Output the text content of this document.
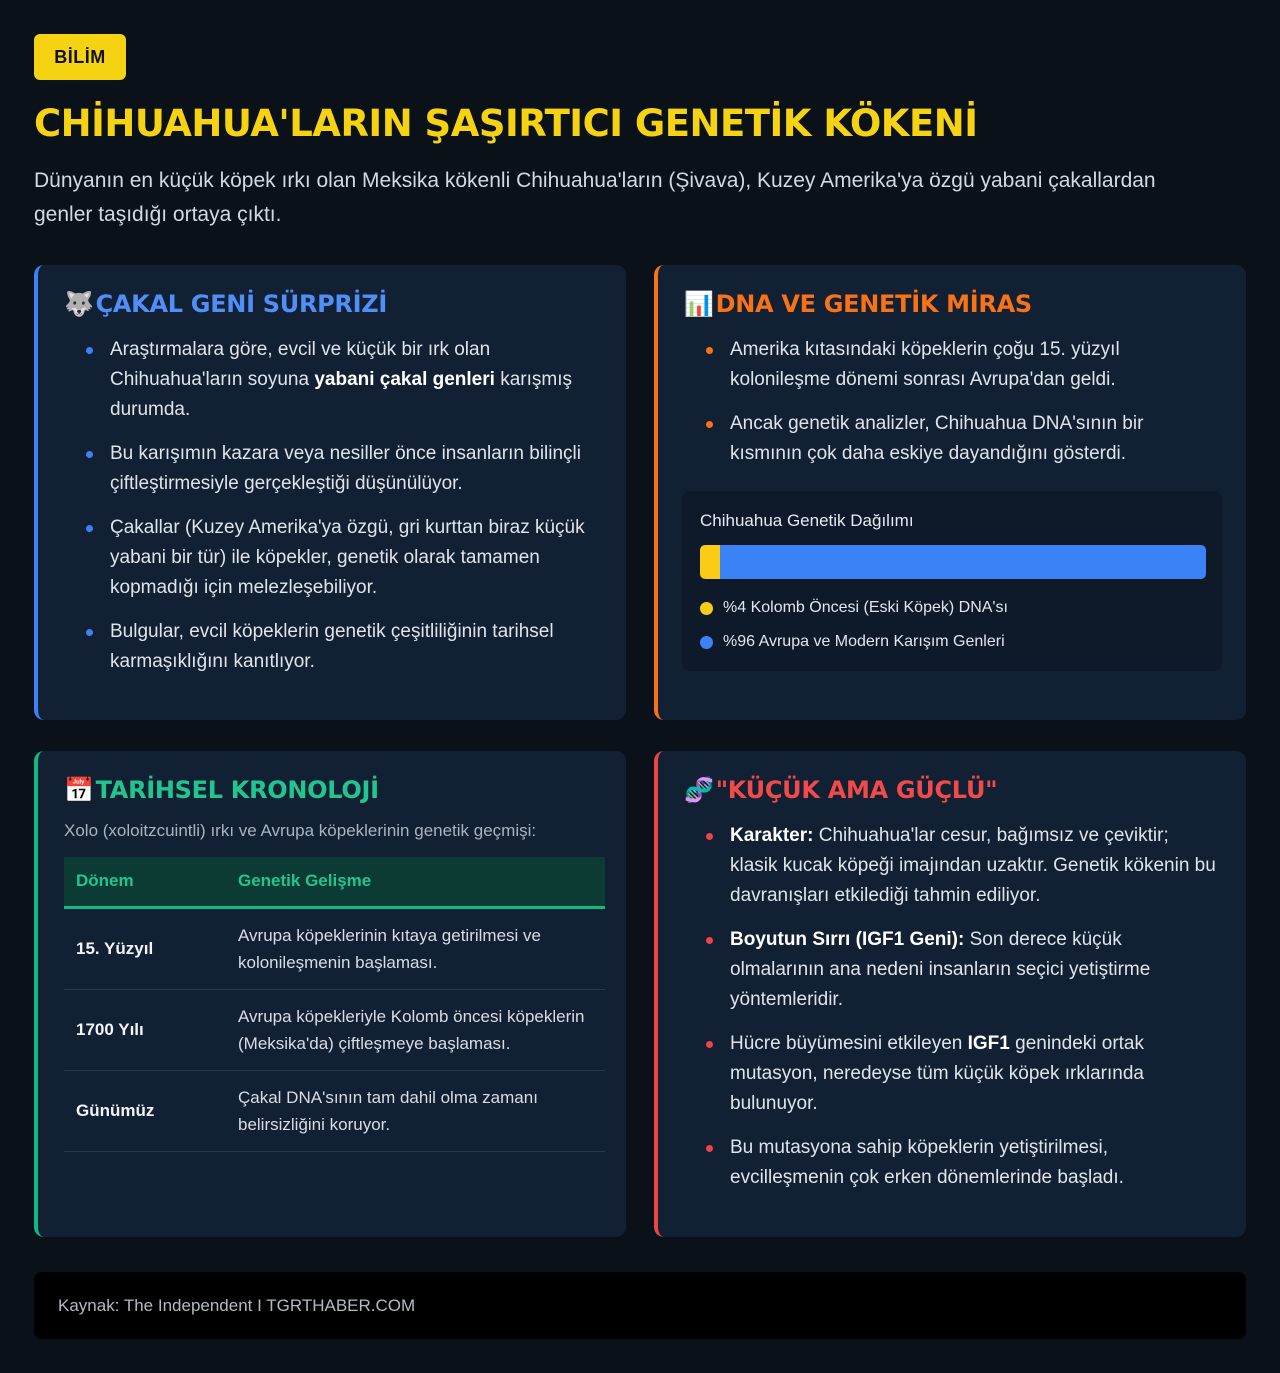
BİLİM
CHİHUAHUA'LARIN ŞAŞIRTICI GENETİK KÖKENİ

Dünyanın en küçük köpek ırkı olan Meksika kökenli Chihuahua'ların (Şivava), Kuzey Amerika'ya özgü yabani çakallardan genler taşıdığı ortaya çıktı.

🐺 ÇAKAL GENİ SÜRPRİZİ
Araştırmalara göre, evcil ve küçük bir ırk olan Chihuahua'ların soyuna yabani çakal genleri karışmış durumda.
Bu karışımın kazara veya nesiller önce insanların bilinçli çiftleştirmesiyle gerçekleştiği düşünülüyor.
Çakallar (Kuzey Amerika'ya özgü, gri kurttan biraz küçük yabani bir tür) ile köpekler, genetik olarak tamamen kopmadığı için melezleşebiliyor.
Bulgular, evcil köpeklerin genetik çeşitliliğinin tarihsel karmaşıklığını kanıtlıyor.
📊 DNA VE GENETİK MİRAS
Amerika kıtasındaki köpeklerin çoğu 15. yüzyıl kolonileşme dönemi sonrası Avrupa'dan geldi.
Ancak genetik analizler, Chihuahua DNA'sının bir kısmının çok daha eskiye dayandığını gösterdi.
Chihuahua Genetik Dağılımı
%4 Kolomb Öncesi (Eski Köpek) DNA'sı
%96 Avrupa ve Modern Karışım Genleri
📅 TARİHSEL KRONOLOJİ

Xolo (xoloitzcuintli) ırkı ve Avrupa köpeklerinin genetik geçmişi:

Dönem	Genetik Gelişme
15. Yüzyıl	Avrupa köpeklerinin kıtaya getirilmesi ve kolonileşmenin başlaması.
1700 Yılı	Avrupa köpekleriyle Kolomb öncesi köpeklerin (Meksika'da) çiftleşmeye başlaması.
Günümüz	Çakal DNA'sının tam dahil olma zamanı belirsizliğini koruyor.
🧬 "KÜÇÜK AMA GÜÇLÜ"
Karakter: Chihuahua'lar cesur, bağımsız ve çeviktir; klasik kucak köpeği imajından uzaktır. Genetik kökenin bu davranışları etkilediği tahmin ediliyor.
Boyutun Sırrı (IGF1 Geni): Son derece küçük olmalarının ana nedeni insanların seçici yetiştirme yöntemleridir.
Hücre büyümesini etkileyen IGF1 genindeki ortak mutasyon, neredeyse tüm küçük köpek ırklarında bulunuyor.
Bu mutasyona sahip köpeklerin yetiştirilmesi, evcilleşmenin çok erken dönemlerinde başladı.
Kaynak: The Independent I TGRTHABER.COM
